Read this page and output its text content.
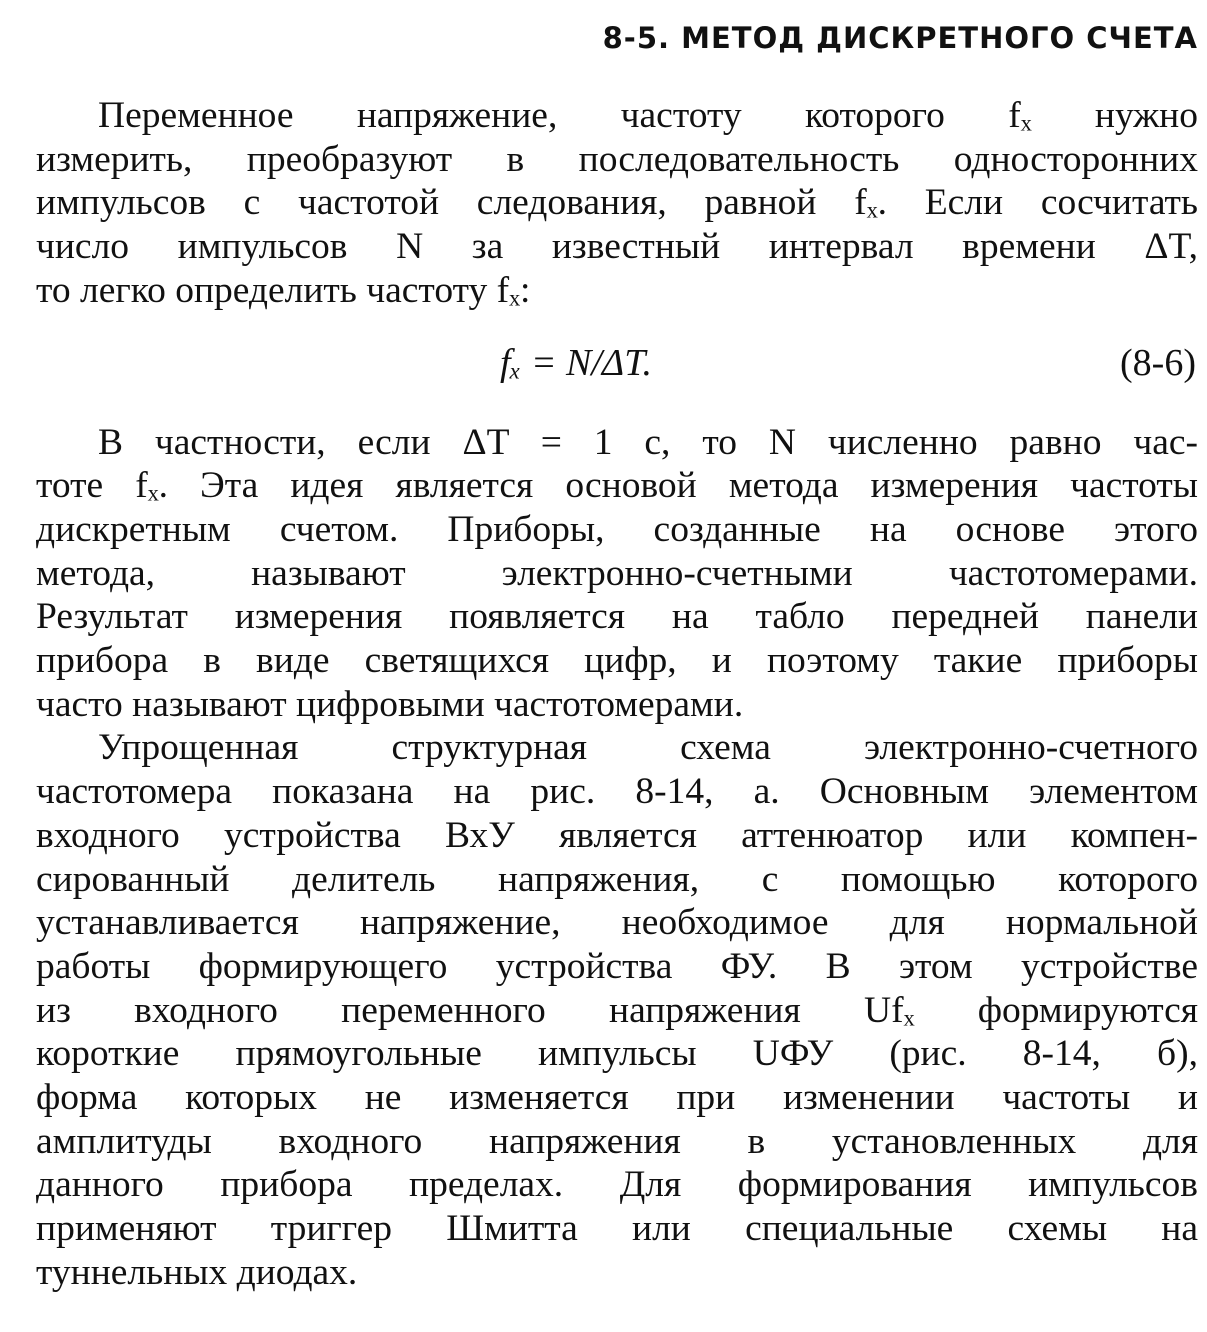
8-5. МЕТОД ДИСКРЕТНОГО СЧЕТА

Переменное напряжение, частоту которого fₓ нужно
измерить, преобразуют в последовательность односторонних
импульсов с частотой следования, равной fₓ. Если сосчитать
число импульсов N за известный интервал времени ΔT,
то легко определить частоту fₓ:

fₓ = N/ΔT.	(8-6)

В частности, если ΔT = 1 с, то N численно равно час-
тоте fₓ. Эта идея является основой метода измерения частоты
дискретным счетом. Приборы, созданные на основе этого
метода, называют электронно-счетными частотомерами.
Результат измерения появляется на табло передней панели
прибора в виде светящихся цифр, и поэтому такие приборы
часто называют цифровыми частотомерами.

Упрощенная структурная схема электронно-счетного
частотомера показана на рис. 8-14, а. Основным элементом
входного устройства ВхУ является аттенюатор или компен-
сированный делитель напряжения, с помощью которого
устанавливается напряжение, необходимое для нормальной
работы формирующего устройства ФУ. В этом устройстве
из входного переменного напряжения Ufₓ формируются
короткие прямоугольные импульсы UФУ (рис. 8-14, б),
форма которых не изменяется при изменении частоты и
амплитуды входного напряжения в установленных для
данного прибора пределах. Для формирования импульсов
применяют триггер Шмитта или специальные схемы на
туннельных диодах.
